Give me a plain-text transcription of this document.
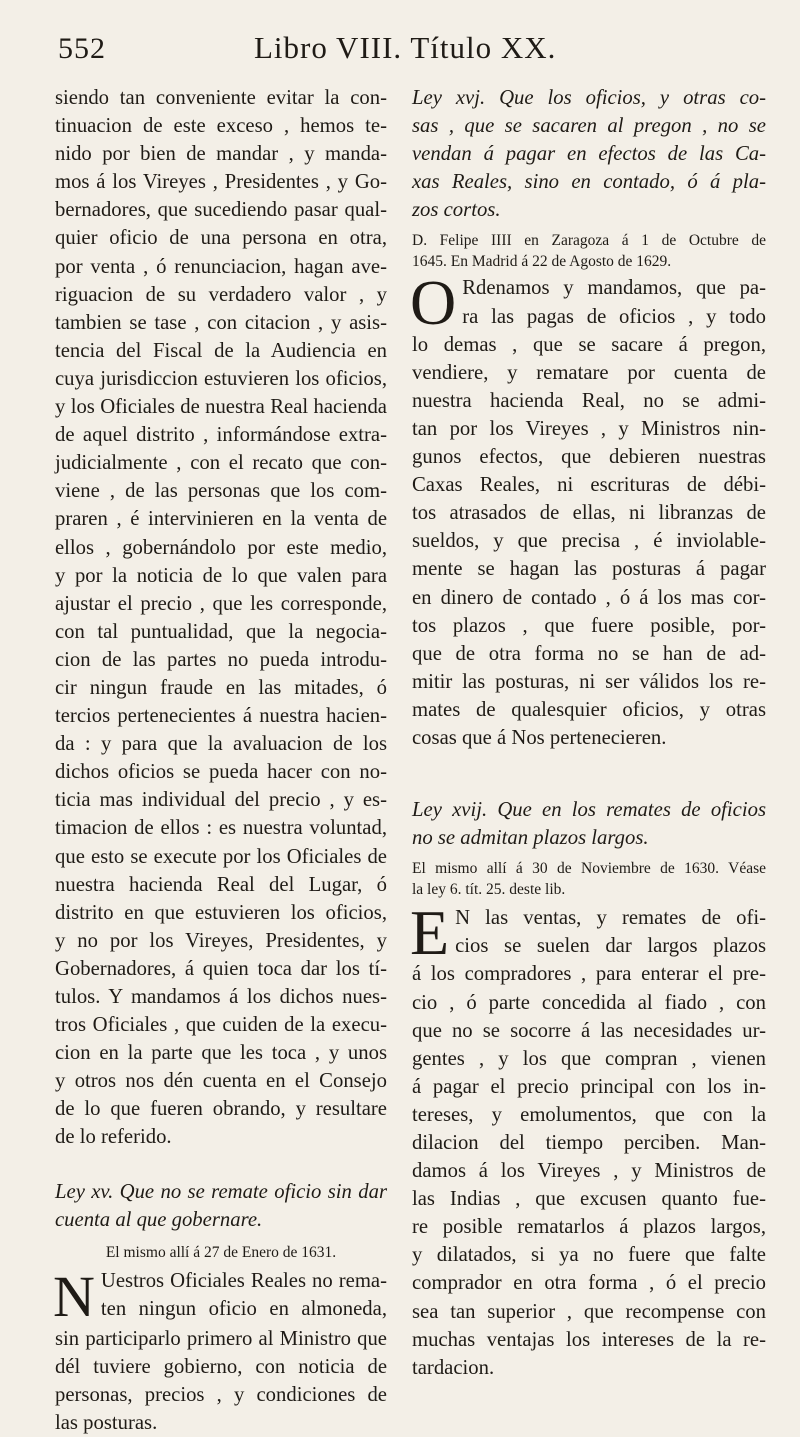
552	Libro VIII. Título XX.

siendo tan conveniente evitar la con-
tinuacion de este exceso , hemos te-
nido por bien de mandar , y manda-
mos á los Vireyes , Presidentes , y Go-
bernadores, que sucediendo pasar qual-
quier oficio de una persona en otra,
por venta , ó renunciacion, hagan ave-
riguacion de su verdadero valor , y
tambien se tase , con citacion , y asis-
tencia del Fiscal de la Audiencia en
cuya jurisdiccion estuvieren los oficios,
y los Oficiales de nuestra Real hacienda
de aquel distrito , informándose extra-
judicialmente , con el recato que con-
viene , de las personas que los com-
praren , é intervinieren en la venta de
ellos , gobernándolo por este medio,
y por la noticia de lo que valen para
ajustar el precio , que les corresponde,
con tal puntualidad, que la negocia-
cion de las partes no pueda introdu-
cir ningun fraude en las mitades, ó
tercios pertenecientes á nuestra hacien-
da : y para que la avaluacion de los
dichos oficios se pueda hacer con no-
ticia mas individual del precio , y es-
timacion de ellos : es nuestra voluntad,
que esto se execute por los Oficiales de
nuestra hacienda Real del Lugar, ó
distrito en que estuvieren los oficios,
y no por los Vireyes, Presidentes, y
Gobernadores, á quien toca dar los tí-
tulos. Y mandamos á los dichos nues-
tros Oficiales , que cuiden de la execu-
cion en la parte que les toca , y unos
y otros nos dén cuenta en el Consejo
de lo que fueren obrando, y resultare
de lo referido.

Ley xv. Que no se remate oficio sin dar
cuenta al que gobernare.
El mismo allí á 27 de Enero de 1631.
N Uestros Oficiales Reales no rema-
ten ningun oficio en almoneda,

sin participarlo primero al Ministro que
dél tuviere gobierno, con noticia de
personas, precios , y condiciones de
las posturas.

Ley xvj. Que los oficios, y otras co-
sas , que se sacaren al pregon , no se
vendan á pagar en efectos de las Ca-
xas Reales, sino en contado, ó á pla-
zos cortos.
D. Felipe IIII en Zaragoza á 1 de Octubre de
1645. En Madrid á 22 de Agosto de 1629.
O Rdenamos y mandamos, que pa-
ra las pagas de oficios , y todo

lo demas , que se sacare á pregon,
vendiere, y rematare por cuenta de
nuestra hacienda Real, no se admi-
tan por los Vireyes , y Ministros nin-
gunos efectos, que debieren nuestras
Caxas Reales, ni escrituras de débi-
tos atrasados de ellas, ni libranzas de
sueldos, y que precisa , é inviolable-
mente se hagan las posturas á pagar
en dinero de contado , ó á los mas cor-
tos plazos , que fuere posible, por-
que de otra forma no se han de ad-
mitir las posturas, ni ser válidos los re-
mates de qualesquier oficios, y otras
cosas que á Nos pertenecieren.

Ley xvij. Que en los remates de oficios
no se admitan plazos largos.
El mismo allí á 30 de Noviembre de 1630. Véase
la ley 6. tít. 25. deste lib.
E N las ventas, y remates de ofi-
cios se suelen dar largos plazos

á los compradores , para enterar el pre-
cio , ó parte concedida al fiado , con
que no se socorre á las necesidades ur-
gentes , y los que compran , vienen
á pagar el precio principal con los in-
tereses, y emolumentos, que con la
dilacion del tiempo perciben. Man-
damos á los Vireyes , y Ministros de
las Indias , que excusen quanto fue-
re posible rematarlos á plazos largos,
y dilatados, si ya no fuere que falte
comprador en otra forma , ó el precio
sea tan superior , que recompense con
muchas ventajas los intereses de la re-
tardacion.
